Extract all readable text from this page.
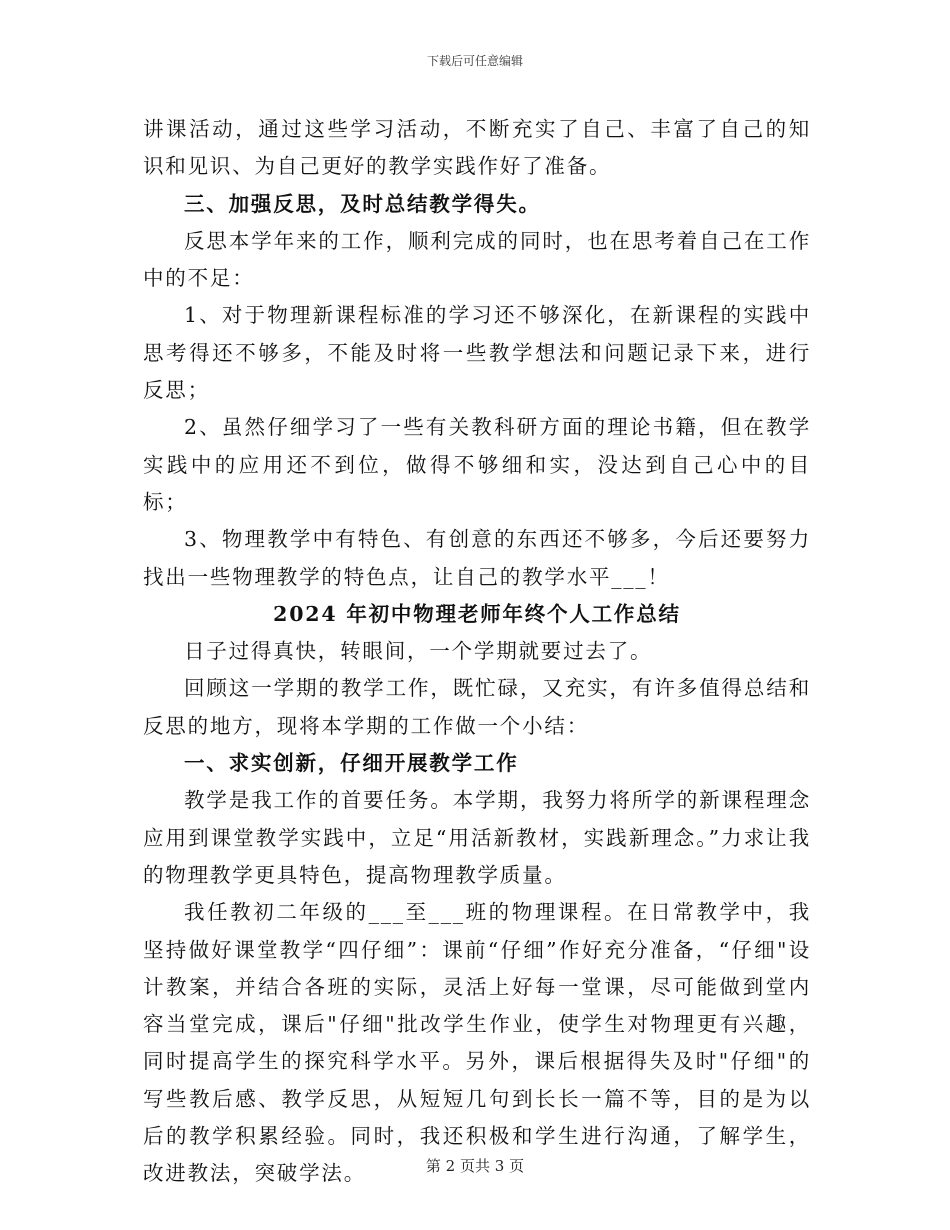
下载后可任意编辑

讲课活动，通过这些学习活动，不断充实了自己、丰富了自己的知识和见识、为自己更好的教学实践作好了准备。

三、加强反思，及时总结教学得失。

反思本学年来的工作，顺利完成的同时，也在思考着自己在工作中的不足：

1、对于物理新课程标准的学习还不够深化，在新课程的实践中思考得还不够多，不能及时将一些教学想法和问题记录下来，进行反思；

2、虽然仔细学习了一些有关教科研方面的理论书籍，但在教学实践中的应用还不到位，做得不够细和实，没达到自己心中的目标；

3、物理教学中有特色、有创意的东西还不够多，今后还要努力找出一些物理教学的特色点，让自己的教学水平___！

2024 年初中物理老师年终个人工作总结

日子过得真快，转眼间，一个学期就要过去了。

回顾这一学期的教学工作，既忙碌，又充实，有许多值得总结和反思的地方，现将本学期的工作做一个小结：

一、求实创新，仔细开展教学工作

教学是我工作的首要任务。本学期，我努力将所学的新课程理念应用到课堂教学实践中，立足“用活新教材，实践新理念。”力求让我的物理教学更具特色，提高物理教学质量。

我任教初二年级的___至___班的物理课程。在日常教学中，我坚持做好课堂教学“四仔细”：课前“仔细”作好充分准备，“仔细"设计教案，并结合各班的实际，灵活上好每一堂课，尽可能做到堂内容当堂完成，课后"仔细"批改学生作业，使学生对物理更有兴趣，同时提高学生的探究科学水平。另外，课后根据得失及时"仔细"的写些教后感、教学反思，从短短几句到长长一篇不等，目的是为以后的教学积累经验。同时，我还积极和学生进行沟通，了解学生，改进教法，突破学法。	第 2 页共 3 页
